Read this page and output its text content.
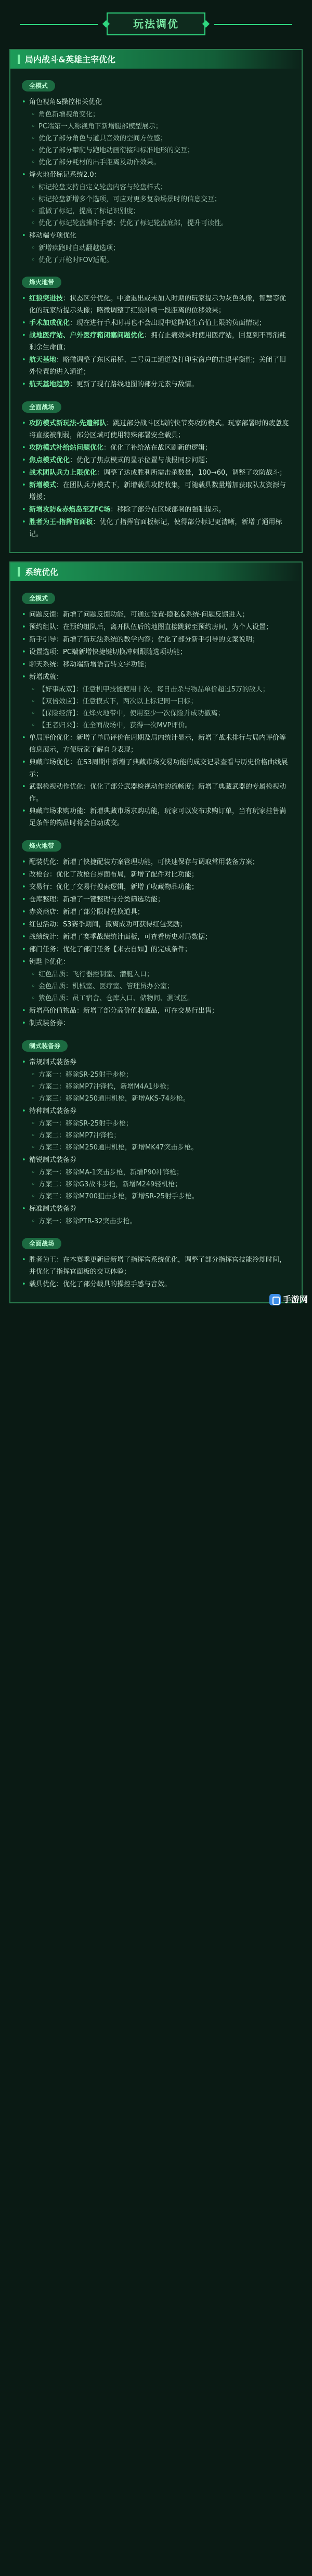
玩法调优
局内战斗&英雄主宰优化
全模式
• 角色视角&操控相关优化
◦ 角色新增视角变化；
◦ PC端第一人称视角下新增腿部模型展示；
◦ 优化了部分角色与道具音效的空间方位感；
◦ 优化了部分攀爬与跑地动画衔接和标准地形的交互；
◦ 优化了部分耗材的出手距离及动作效果。
• 烽火地带标记系统2.0：
◦ 标记轮盘支持自定义轮盘内容与轮盘样式；
◦ 标记轮盘新增多个选项，可应对更多复杂场景时的信息交互；
◦ 重做了标记，提高了标记识别度；
◦ 优化了标记轮盘操作手感；优化了标记轮盘底部，提升可读性。
• 移动端专项优化
◦ 新增疾跑时自动翻越选项；
◦ 优化了开枪时FOV适配。
烽火地带
• 红狼突进技：状态区分优化。中途退出或未加入时期的玩家提示为灰色头像，智慧等优化的玩家所提示头像；略微调整了红狼冲刺一段距离的位移效果；
• 手术加成优化：现在进行手术时再也不会出现中途降低生命值上限的负面情况；
• 战地医疗站、户外医疗箱闭塞问题优化：拥有止痛效果时使用医疗站，回复到不再消耗剩余生命值；
• 航天基地：略微调整了东区吊桥、二号员工通道及打印室窗户的击退平衡性；关闭了旧外位置的进入通道；
• 航天基地趋势：更新了现有路线地图的部分元素与敌情。
全面战场
• 攻防模式新玩法-先遣部队：跳过部分战斗区域的快节奏攻防模式。玩家部署时的疲惫度将直接被削弱，部分区域可使用特殊部署安全载具；
• 攻防模式补给站问题优化：优化了补给站在战区刷新的逻辑；
• 焦点模式优化：优化了焦点模式的显示位置与战报同步问题；
• 战术团队兵力上限优化：调整了达成胜利所需击杀数量，100→60，调整了攻防战斗；
• 新增模式：在团队兵力模式下，新增载具攻防收集，可随载具数量增加获取队友资源与增援；
• 新增攻防&赤焰岛至ZFC场：移除了部分在区域部署的强制提示。
• 胜者为王-指挥官面板：优化了指挥官面板标记，使得部分标记更清晰，新增了通用标记。
系统优化
全模式
• 问题反馈：新增了问题反馈功能，可通过设置-隐私&系统-问题反馈进入；
• 预约组队：在预约组队后，离开队伍后的地图直接跳转至预约房间，为个人设置；
• 新手引导：新增了新玩法系统的教学内容；优化了部分新手引导的文案说明；
• 设置选项：PC端新增快捷键切换冲刺跟随选项功能；
• 聊天系统：移动端新增语音转文字功能；
• 新增成就：
◦ 【好事成双】：任意机甲技能使用十次，每日击杀与物品单价超过5万的敌人；
◦ 【双倍效应】：任意模式下，两次以上标记同一目标；
◦ 【保险经济】：在烽火地带中，使用至少一次保险并成功撤离；
◦ 【王者归来】：在全面战场中，获得一次MVP评价。
• 单局评价优化：新增了单局评价在周期及局内统计显示，新增了战术排行与局内评价等信息展示，方便玩家了解自身表现；
• 典藏市场优化：在S3周期中新增了典藏市场交易功能的成交记录查看与历史价格曲线展示；
• 武器检视动作优化：优化了部分武器检视动作的流畅度；新增了典藏武器的专属检视动作。
• 典藏市场求购功能：新增典藏市场求购功能，玩家可以发布求购订单，当有玩家挂售满足条件的物品时将会自动成交。
烽火地带
• 配装优化：新增了快捷配装方案管理功能，可快速保存与调取常用装备方案；
• 改枪台：优化了改枪台界面布局，新增了配件对比功能；
• 交易行：优化了交易行搜索逻辑，新增了收藏物品功能；
• 仓库整理：新增了一键整理与分类筛选功能；
• 赤炎商店：新增了部分限时兑换道具；
• 红包活动：S3赛季期间，撤离成功可获得红包奖励；
• 战绩统计：新增了赛季战绩统计面板，可查看历史对局数据；
• 部门任务：优化了部门任务【来去自如】的完成条件；
• 钥匙卡优化：
◦ 红色品质：飞行器控制室、潜艇入口；
◦ 金色品质：机械室、医疗室、管理员办公室；
◦ 紫色品质：员工宿舍、仓库入口、储物间、测试区。
• 新增高价值物品：新增了部分高价值收藏品，可在交易行出售；
• 制式装备券：
制式装备券
• 常规制式装备券
◦ 方案一：移除SR-25射手步枪；
◦ 方案二：移除MP7冲锋枪，新增M4A1步枪；
◦ 方案三：移除M250通用机枪，新增AKS-74步枪。
• 特种制式装备券
◦ 方案一：移除SR-25射手步枪；
◦ 方案二：移除MP7冲锋枪；
◦ 方案三：移除M250通用机枪，新增MK47突击步枪。
• 精锐制式装备券
◦ 方案一：移除MA-1突击步枪，新增P90冲锋枪；
◦ 方案二：移除G3战斗步枪，新增M249轻机枪；
◦ 方案三：移除M700狙击步枪，新增SR-25射手步枪。
• 标准制式装备券
◦ 方案一：移除PTR-32突击步枪。
全面战场
• 胜者为王：在本赛季更新后新增了指挥官系统优化，调整了部分指挥官技能冷却时间，并优化了指挥官面板的交互体验；
• 载具优化：优化了部分载具的操控手感与音效。
手游网
